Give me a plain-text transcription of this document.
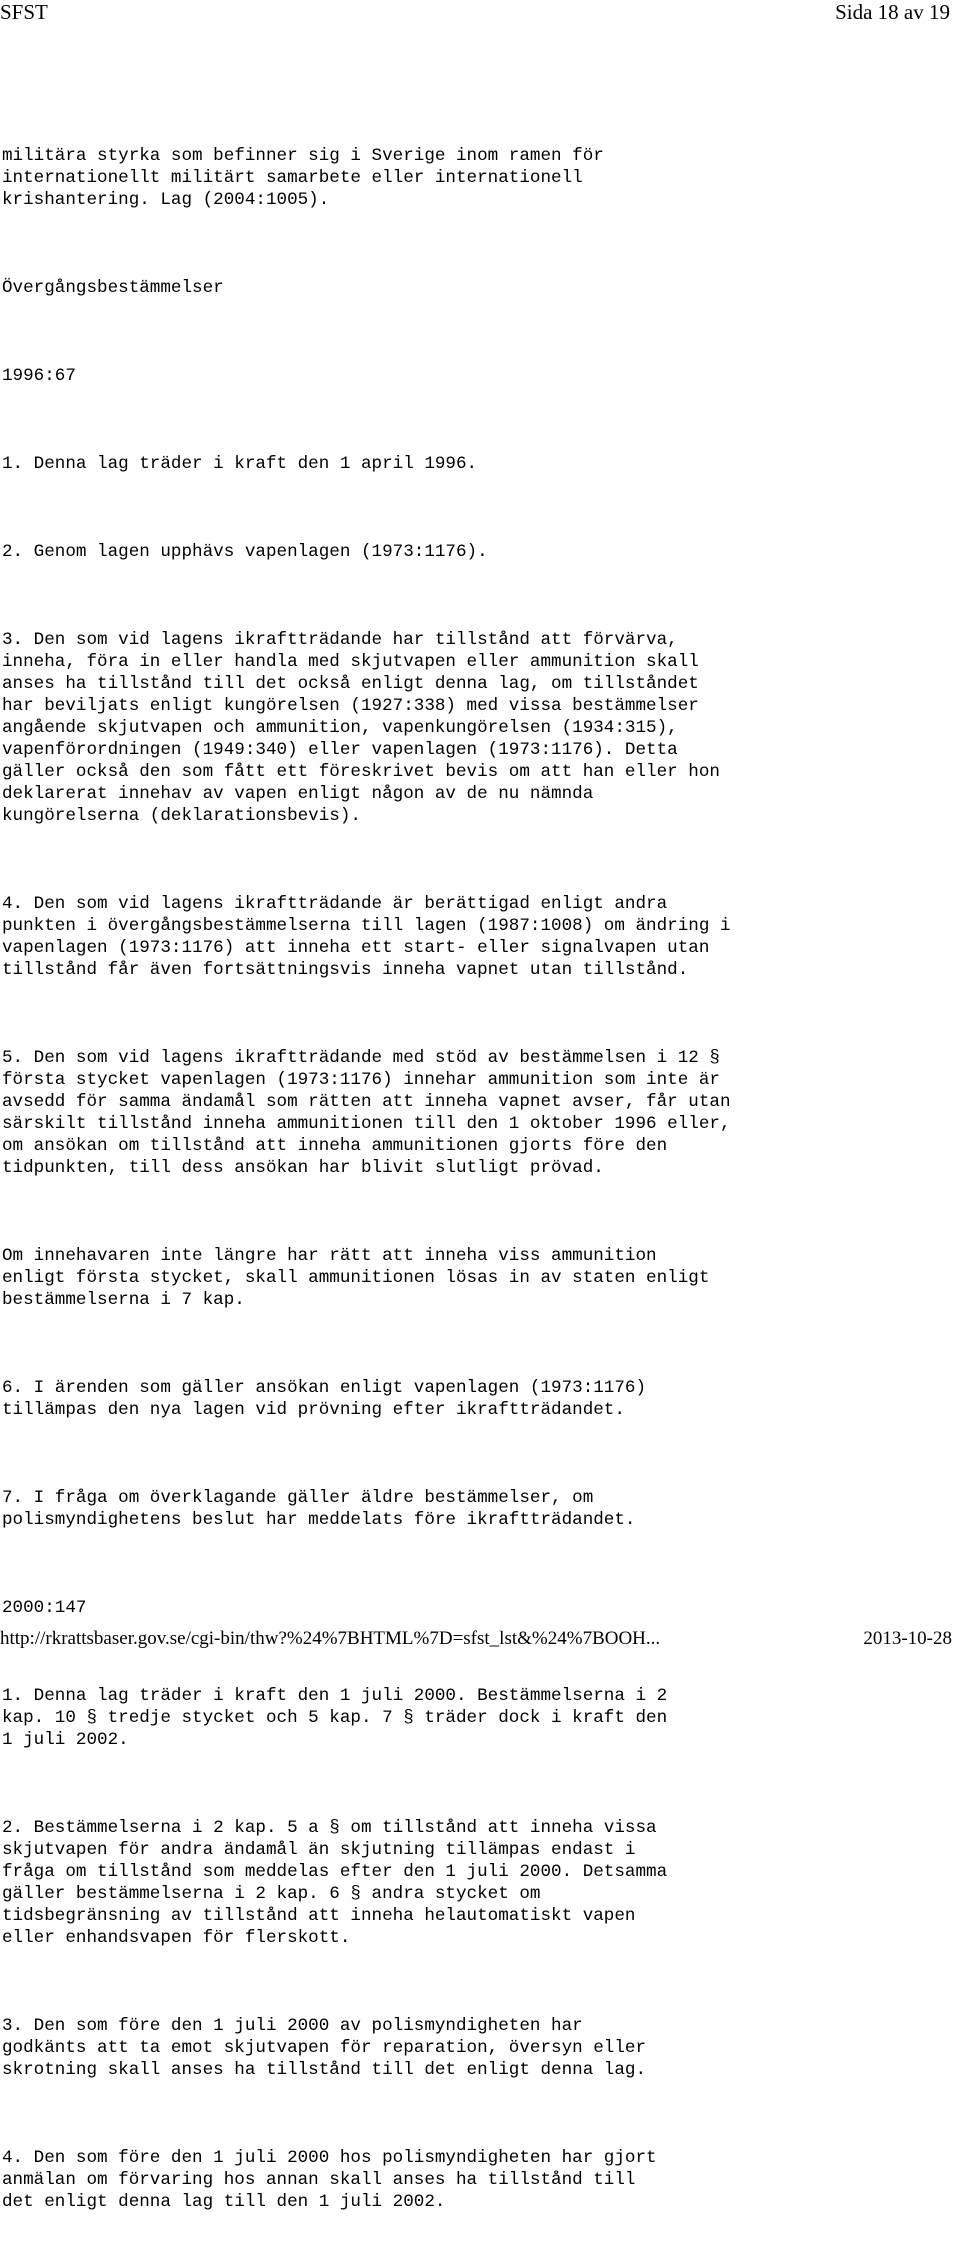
SFST	Sida 18 av 19

militära styrka som befinner sig i Sverige inom ramen för
internationellt militärt samarbete eller internationell
krishantering. Lag (2004:1005).

Övergångsbestämmelser

1996:67

1. Denna lag träder i kraft den 1 april 1996.

2. Genom lagen upphävs vapenlagen (1973:1176).

3. Den som vid lagens ikraftträdande har tillstånd att förvärva,
inneha, föra in eller handla med skjutvapen eller ammunition skall
anses ha tillstånd till det också enligt denna lag, om tillståndet
har beviljats enligt kungörelsen (1927:338) med vissa bestämmelser
angående skjutvapen och ammunition, vapenkungörelsen (1934:315),
vapenförordningen (1949:340) eller vapenlagen (1973:1176). Detta
gäller också den som fått ett föreskrivet bevis om att han eller hon
deklarerat innehav av vapen enligt någon av de nu nämnda
kungörelserna (deklarationsbevis).

4. Den som vid lagens ikraftträdande är berättigad enligt andra
punkten i övergångsbestämmelserna till lagen (1987:1008) om ändring i
vapenlagen (1973:1176) att inneha ett start- eller signalvapen utan
tillstånd får även fortsättningsvis inneha vapnet utan tillstånd.

5. Den som vid lagens ikraftträdande med stöd av bestämmelsen i 12 §
första stycket vapenlagen (1973:1176) innehar ammunition som inte är
avsedd för samma ändamål som rätten att inneha vapnet avser, får utan
särskilt tillstånd inneha ammunitionen till den 1 oktober 1996 eller,
om ansökan om tillstånd att inneha ammunitionen gjorts före den
tidpunkten, till dess ansökan har blivit slutligt prövad.

Om innehavaren inte längre har rätt att inneha viss ammunition
enligt första stycket, skall ammunitionen lösas in av staten enligt
bestämmelserna i 7 kap.

6. I ärenden som gäller ansökan enligt vapenlagen (1973:1176)
tillämpas den nya lagen vid prövning efter ikraftträdandet.

7. I fråga om överklagande gäller äldre bestämmelser, om
polismyndighetens beslut har meddelats före ikraftträdandet.

2000:147

1. Denna lag träder i kraft den 1 juli 2000. Bestämmelserna i 2
kap. 10 § tredje stycket och 5 kap. 7 § träder dock i kraft den
1 juli 2002.

2. Bestämmelserna i 2 kap. 5 a § om tillstånd att inneha vissa
skjutvapen för andra ändamål än skjutning tillämpas endast i
fråga om tillstånd som meddelas efter den 1 juli 2000. Detsamma
gäller bestämmelserna i 2 kap. 6 § andra stycket om
tidsbegränsning av tillstånd att inneha helautomatiskt vapen
eller enhandsvapen för flerskott.

3. Den som före den 1 juli 2000 av polismyndigheten har
godkänts att ta emot skjutvapen för reparation, översyn eller
skrotning skall anses ha tillstånd till det enligt denna lag.

4. Den som före den 1 juli 2000 hos polismyndigheten har gjort
anmälan om förvaring hos annan skall anses ha tillstånd till
det enligt denna lag till den 1 juli 2002.

http://rkrattsbaser.gov.se/cgi-bin/thw?%24%7BHTML%7D=sfst_lst&%24%7BOOH...	2013-10-28
